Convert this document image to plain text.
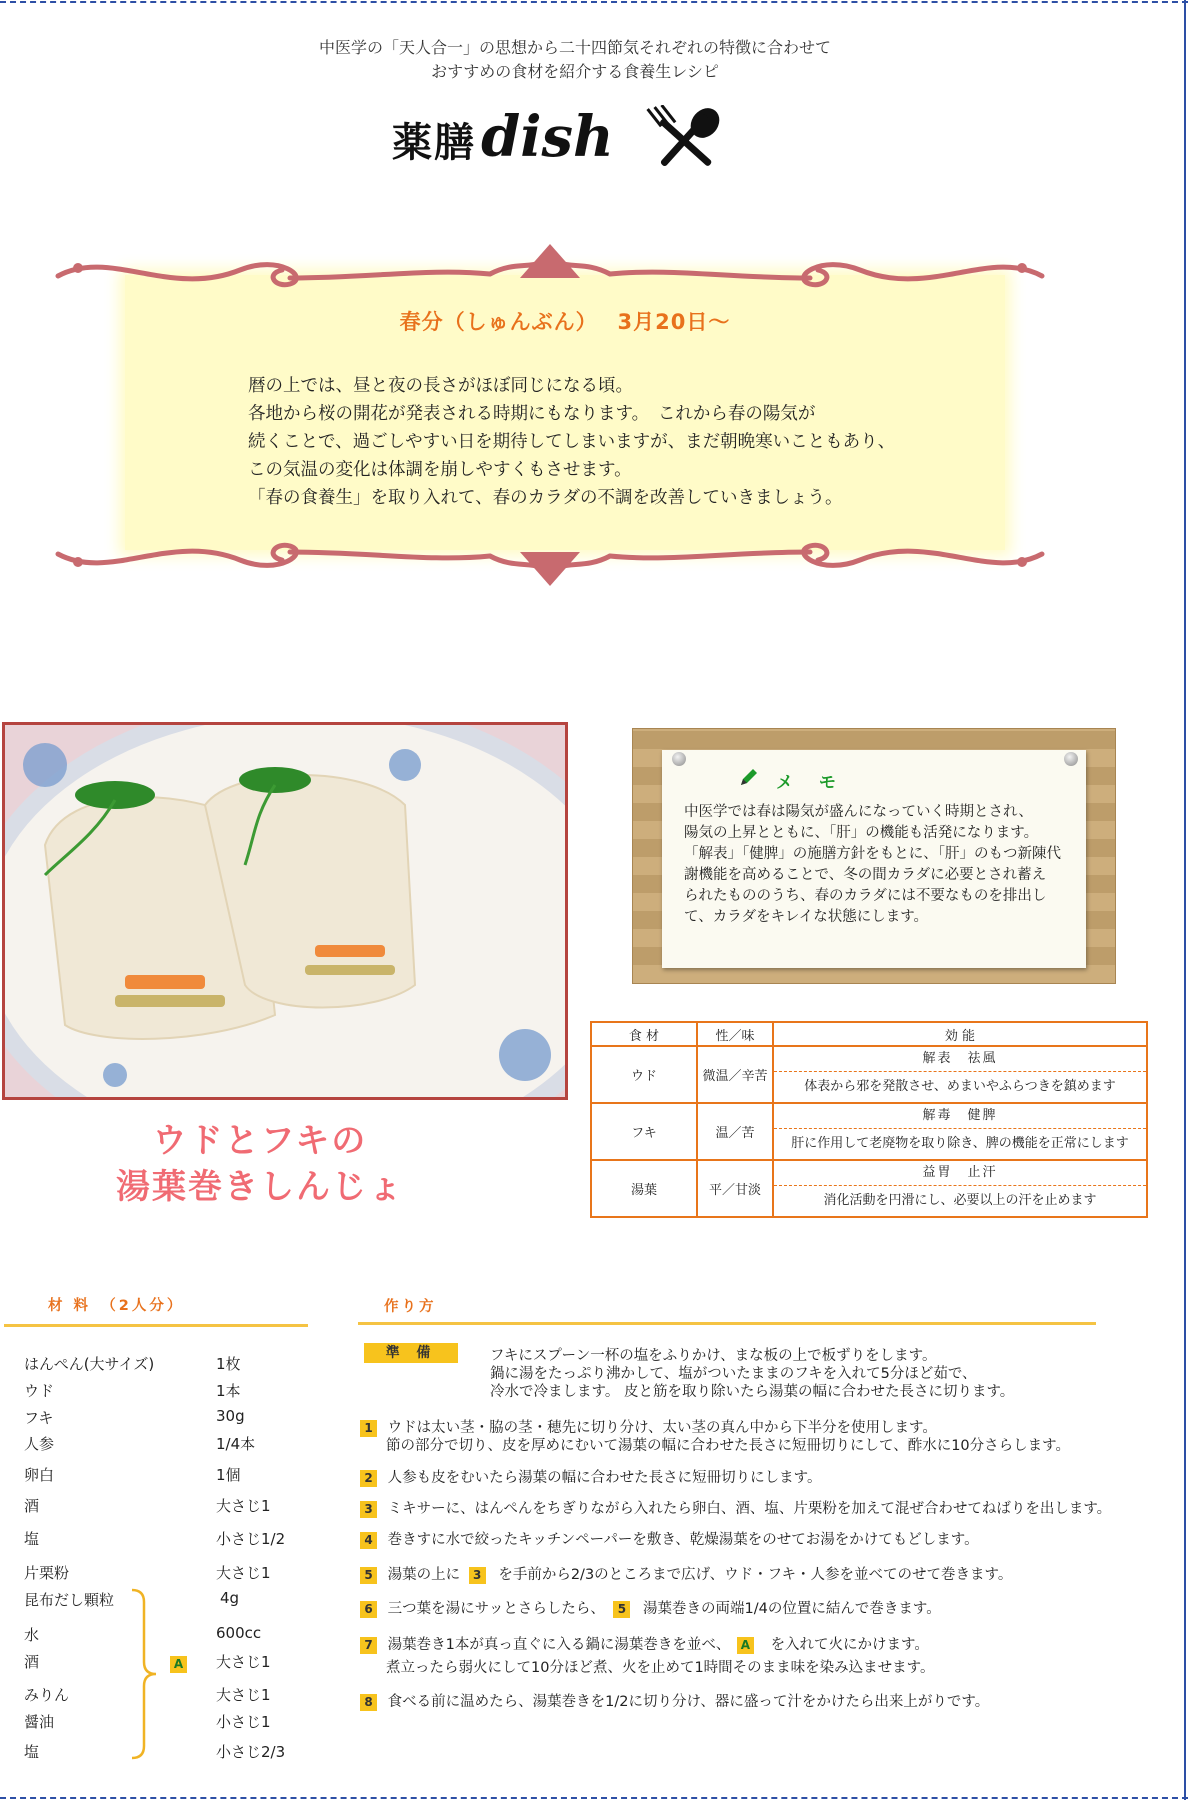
中医学の「天人合一」の思想から二十四節気それぞれの特徴に合わせて
おすすめの食材を紹介する食養生レシピ
薬膳 dish
春分（しゅんぶん）　 3月20日～
暦の上では、昼と夜の長さがほぼ同じになる頃。
各地から桜の開花が発表される時期にもなります。　これから春の陽気が
続くことで、過ごしやすい日を期待してしまいますが、まだ朝晩寒いこともあり、
この気温の変化は体調を崩しやすくもさせます。
「春の食養生」を取り入れて、春のカラダの不調を改善していきましょう。
メ モ
中医学では春は陽気が盛んになっていく時期とされ、
陽気の上昇とともに、「肝」の機能も活発になります。
「解表」「健脾」の施膳方針をもとに、「肝」のもつ新陳代
謝機能を高めることで、冬の間カラダに必要とされ蓄え
られたもののうち、春のカラダには不要なものを排出し
て、カラダをキレイな状態にします。
食 材	性／味	効 能
ウド	微温／辛苦	解表　祛風
体表から邪を発散させ、めまいやふらつきを鎮めます

フキ	温／苦	解毒　健脾
肝に作用して老廃物を取り除き、脾の機能を正常にします

湯葉	平／甘淡	益胃　止汗
消化活動を円滑にし、必要以上の汗を止めます
ウドとフキの
湯葉巻きしんじょ
材 料　（2人分）
はんぺん(大サイズ)	1枚
ウド	1本
フキ	30g
人参	1/4本
卵白	1個
酒	大さじ1
塩	小さじ1/2
片栗粉	大さじ1
昆布だし顆粒	4g
水	600cc
酒	大さじ1
みりん	大さじ1
醤油	小さじ1
塩	小さじ2/3
A
作り方
準 備	フキにスプーン一杯の塩をふりかけ、まな板の上で板ずりをします。
鍋に湯をたっぷり沸かして、塩がついたままのフキを入れて5分ほど茹で、
冷水で冷まします。 皮と筋を取り除いたら湯葉の幅に合わせた長さに切ります。
1 ウドは太い茎・脇の茎・穂先に切り分け、太い茎の真ん中から下半分を使用します。
節の部分で切り、皮を厚めにむいて湯葉の幅に合わせた長さに短冊切りにして、酢水に10分さらします。
2 人参も皮をむいたら湯葉の幅に合わせた長さに短冊切りにします。
3 ミキサーに、はんぺんをちぎりながら入れたら卵白、酒、塩、片栗粉を加えて混ぜ合わせてねばりを出します。
4 巻きすに水で絞ったキッチンペーパーを敷き、乾燥湯葉をのせてお湯をかけてもどします。
5 湯葉の上に 3 を手前から2/3のところまで広げ、ウド・フキ・人参を並べてのせて巻きます。
6 三つ葉を湯にサッとさらしたら、 5 湯葉巻きの両端1/4の位置に結んで巻きます。
7 湯葉巻き1本が真っ直ぐに入る鍋に湯葉巻きを並べ、 A を入れて火にかけます。
煮立ったら弱火にして10分ほど煮、火を止めて1時間そのまま味を染み込ませます。
8 食べる前に温めたら、湯葉巻きを1/2に切り分け、器に盛って汁をかけたら出来上がりです。
